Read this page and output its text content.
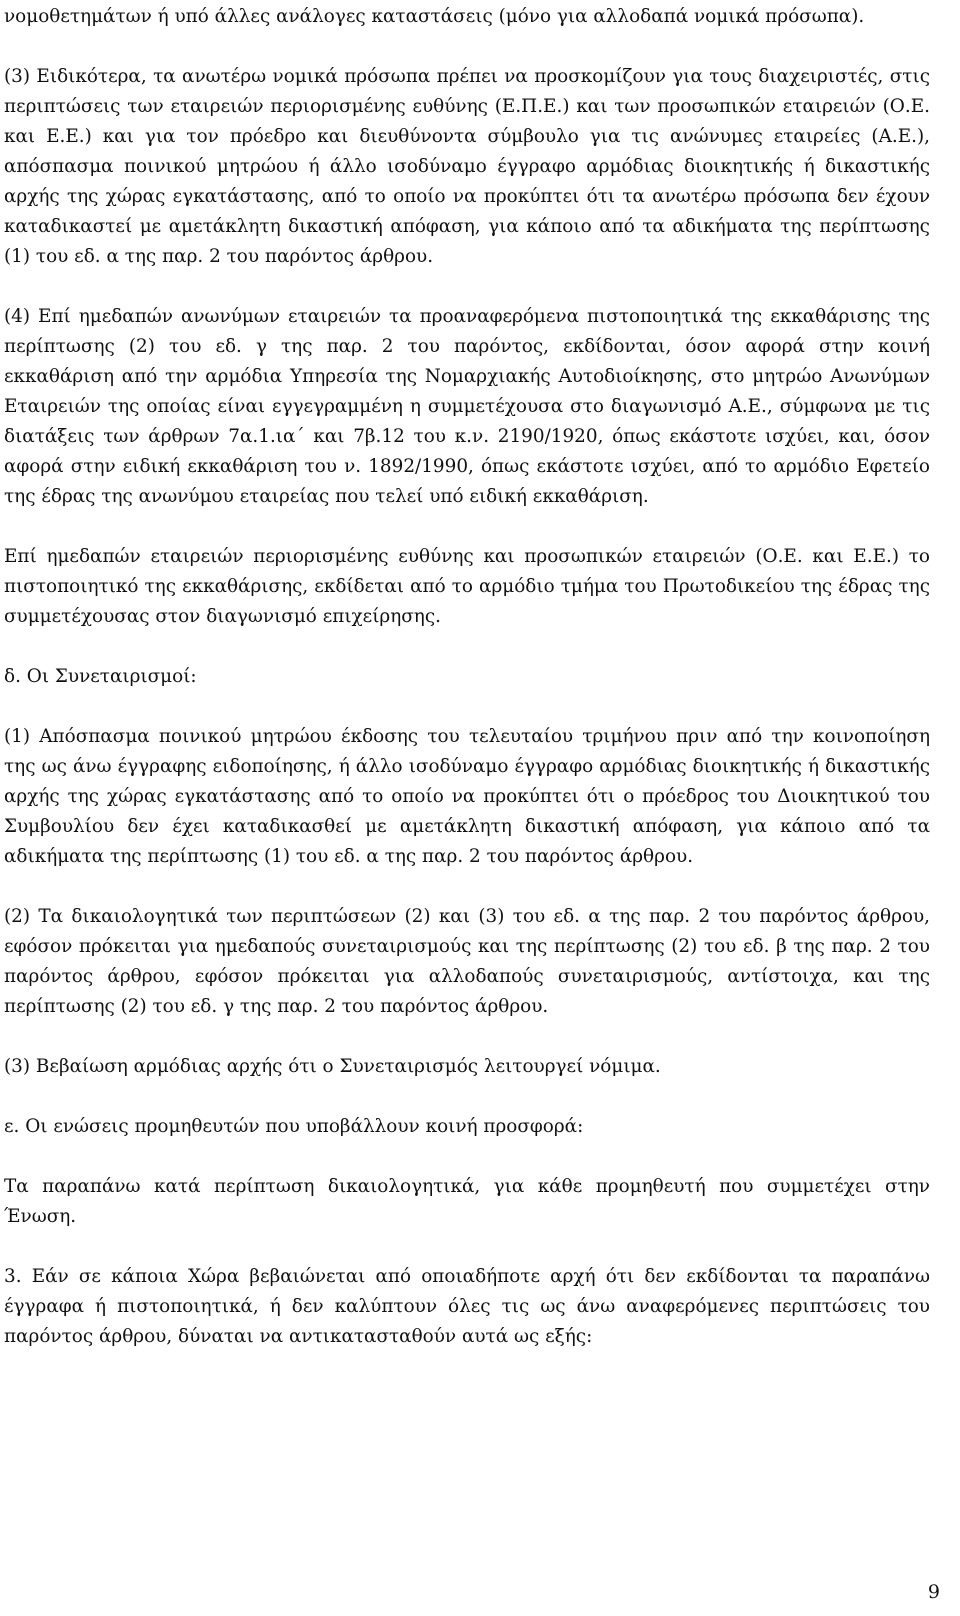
νομοθετημάτων ή υπό άλλες ανάλογες καταστάσεις (μόνο για αλλοδαπά νομικά πρόσωπα).

(3) Ειδικότερα, τα ανωτέρω νομικά πρόσωπα πρέπει να προσκομίζουν για τους διαχειριστές, στις περιπτώσεις των εταιρειών περιορισμένης ευθύνης (Ε.Π.Ε.) και των προσωπικών εταιρειών (Ο.Ε. και Ε.Ε.) και για τον πρόεδρο και διευθύνοντα σύμβουλο για τις ανώνυμες εταιρείες (Α.Ε.), απόσπασμα ποινικού μητρώου ή άλλο ισοδύναμο έγγραφο αρμόδιας διοικητικής ή δικαστικής αρχής της χώρας εγκατάστασης, από το οποίο να προκύπτει ότι τα ανωτέρω πρόσωπα δεν έχουν καταδικαστεί με αμετάκλητη δικαστική απόφαση, για κάποιο από τα αδικήματα της περίπτωσης (1) του εδ. α της παρ. 2 του παρόντος άρθρου.

(4) Επί ημεδαπών ανωνύμων εταιρειών τα προαναφερόμενα πιστοποιητικά της εκκαθάρισης της περίπτωσης (2) του εδ. γ της παρ. 2 του παρόντος, εκδίδονται, όσον αφορά στην κοινή εκκαθάριση από την αρμόδια Υπηρεσία της Νομαρχιακής Αυτοδιοίκησης, στο μητρώο Ανωνύμων Εταιρειών της οποίας είναι εγγεγραμμένη η συμμετέχουσα στο διαγωνισμό Α.Ε., σύμφωνα με τις διατάξεις των άρθρων 7α.1.ια΄ και 7β.12 του κ.ν. 2190/1920, όπως εκάστοτε ισχύει, και, όσον αφορά στην ειδική εκκαθάριση του ν. 1892/1990, όπως εκάστοτε ισχύει, από το αρμόδιο Εφετείο της έδρας της ανωνύμου εταιρείας που τελεί υπό ειδική εκκαθάριση.

Επί ημεδαπών εταιρειών περιορισμένης ευθύνης και προσωπικών εταιρειών (Ο.Ε. και Ε.Ε.) το πιστοποιητικό της εκκαθάρισης, εκδίδεται από το αρμόδιο τμήμα του Πρωτοδικείου της έδρας της συμμετέχουσας στον διαγωνισμό επιχείρησης.

δ. Οι Συνεταιρισμοί:

(1) Απόσπασμα ποινικού μητρώου έκδοσης του τελευταίου τριμήνου πριν από την κοινοποίηση της ως άνω έγγραφης ειδοποίησης, ή άλλο ισοδύναμο έγγραφο αρμόδιας διοικητικής ή δικαστικής αρχής της χώρας εγκατάστασης από το οποίο να προκύπτει ότι ο πρόεδρος του Διοικητικού του Συμβουλίου δεν έχει καταδικασθεί με αμετάκλητη δικαστική απόφαση, για κάποιο από τα αδικήματα της περίπτωσης (1) του εδ. α της παρ. 2 του παρόντος άρθρου.

(2) Τα δικαιολογητικά των περιπτώσεων (2) και (3) του εδ. α της παρ. 2 του παρόντος άρθρου, εφόσον πρόκειται για ημεδαπούς συνεταιρισμούς και της περίπτωσης (2) του εδ. β της παρ. 2 του παρόντος άρθρου, εφόσον πρόκειται για αλλοδαπούς συνεταιρισμούς, αντίστοιχα, και της περίπτωσης (2) του εδ. γ της παρ. 2 του παρόντος άρθρου.

(3) Βεβαίωση αρμόδιας αρχής ότι ο Συνεταιρισμός λειτουργεί νόμιμα.

ε. Οι ενώσεις προμηθευτών που υποβάλλουν κοινή προσφορά:

Τα παραπάνω κατά περίπτωση δικαιολογητικά, για κάθε προμηθευτή που συμμετέχει στην Ένωση.

3. Εάν σε κάποια Χώρα βεβαιώνεται από οποιαδήποτε αρχή ότι δεν εκδίδονται τα παραπάνω έγγραφα ή πιστοποιητικά, ή δεν καλύπτουν όλες τις ως άνω αναφερόμενες περιπτώσεις του παρόντος άρθρου, δύναται να αντικατασταθούν αυτά ως εξής:

9
